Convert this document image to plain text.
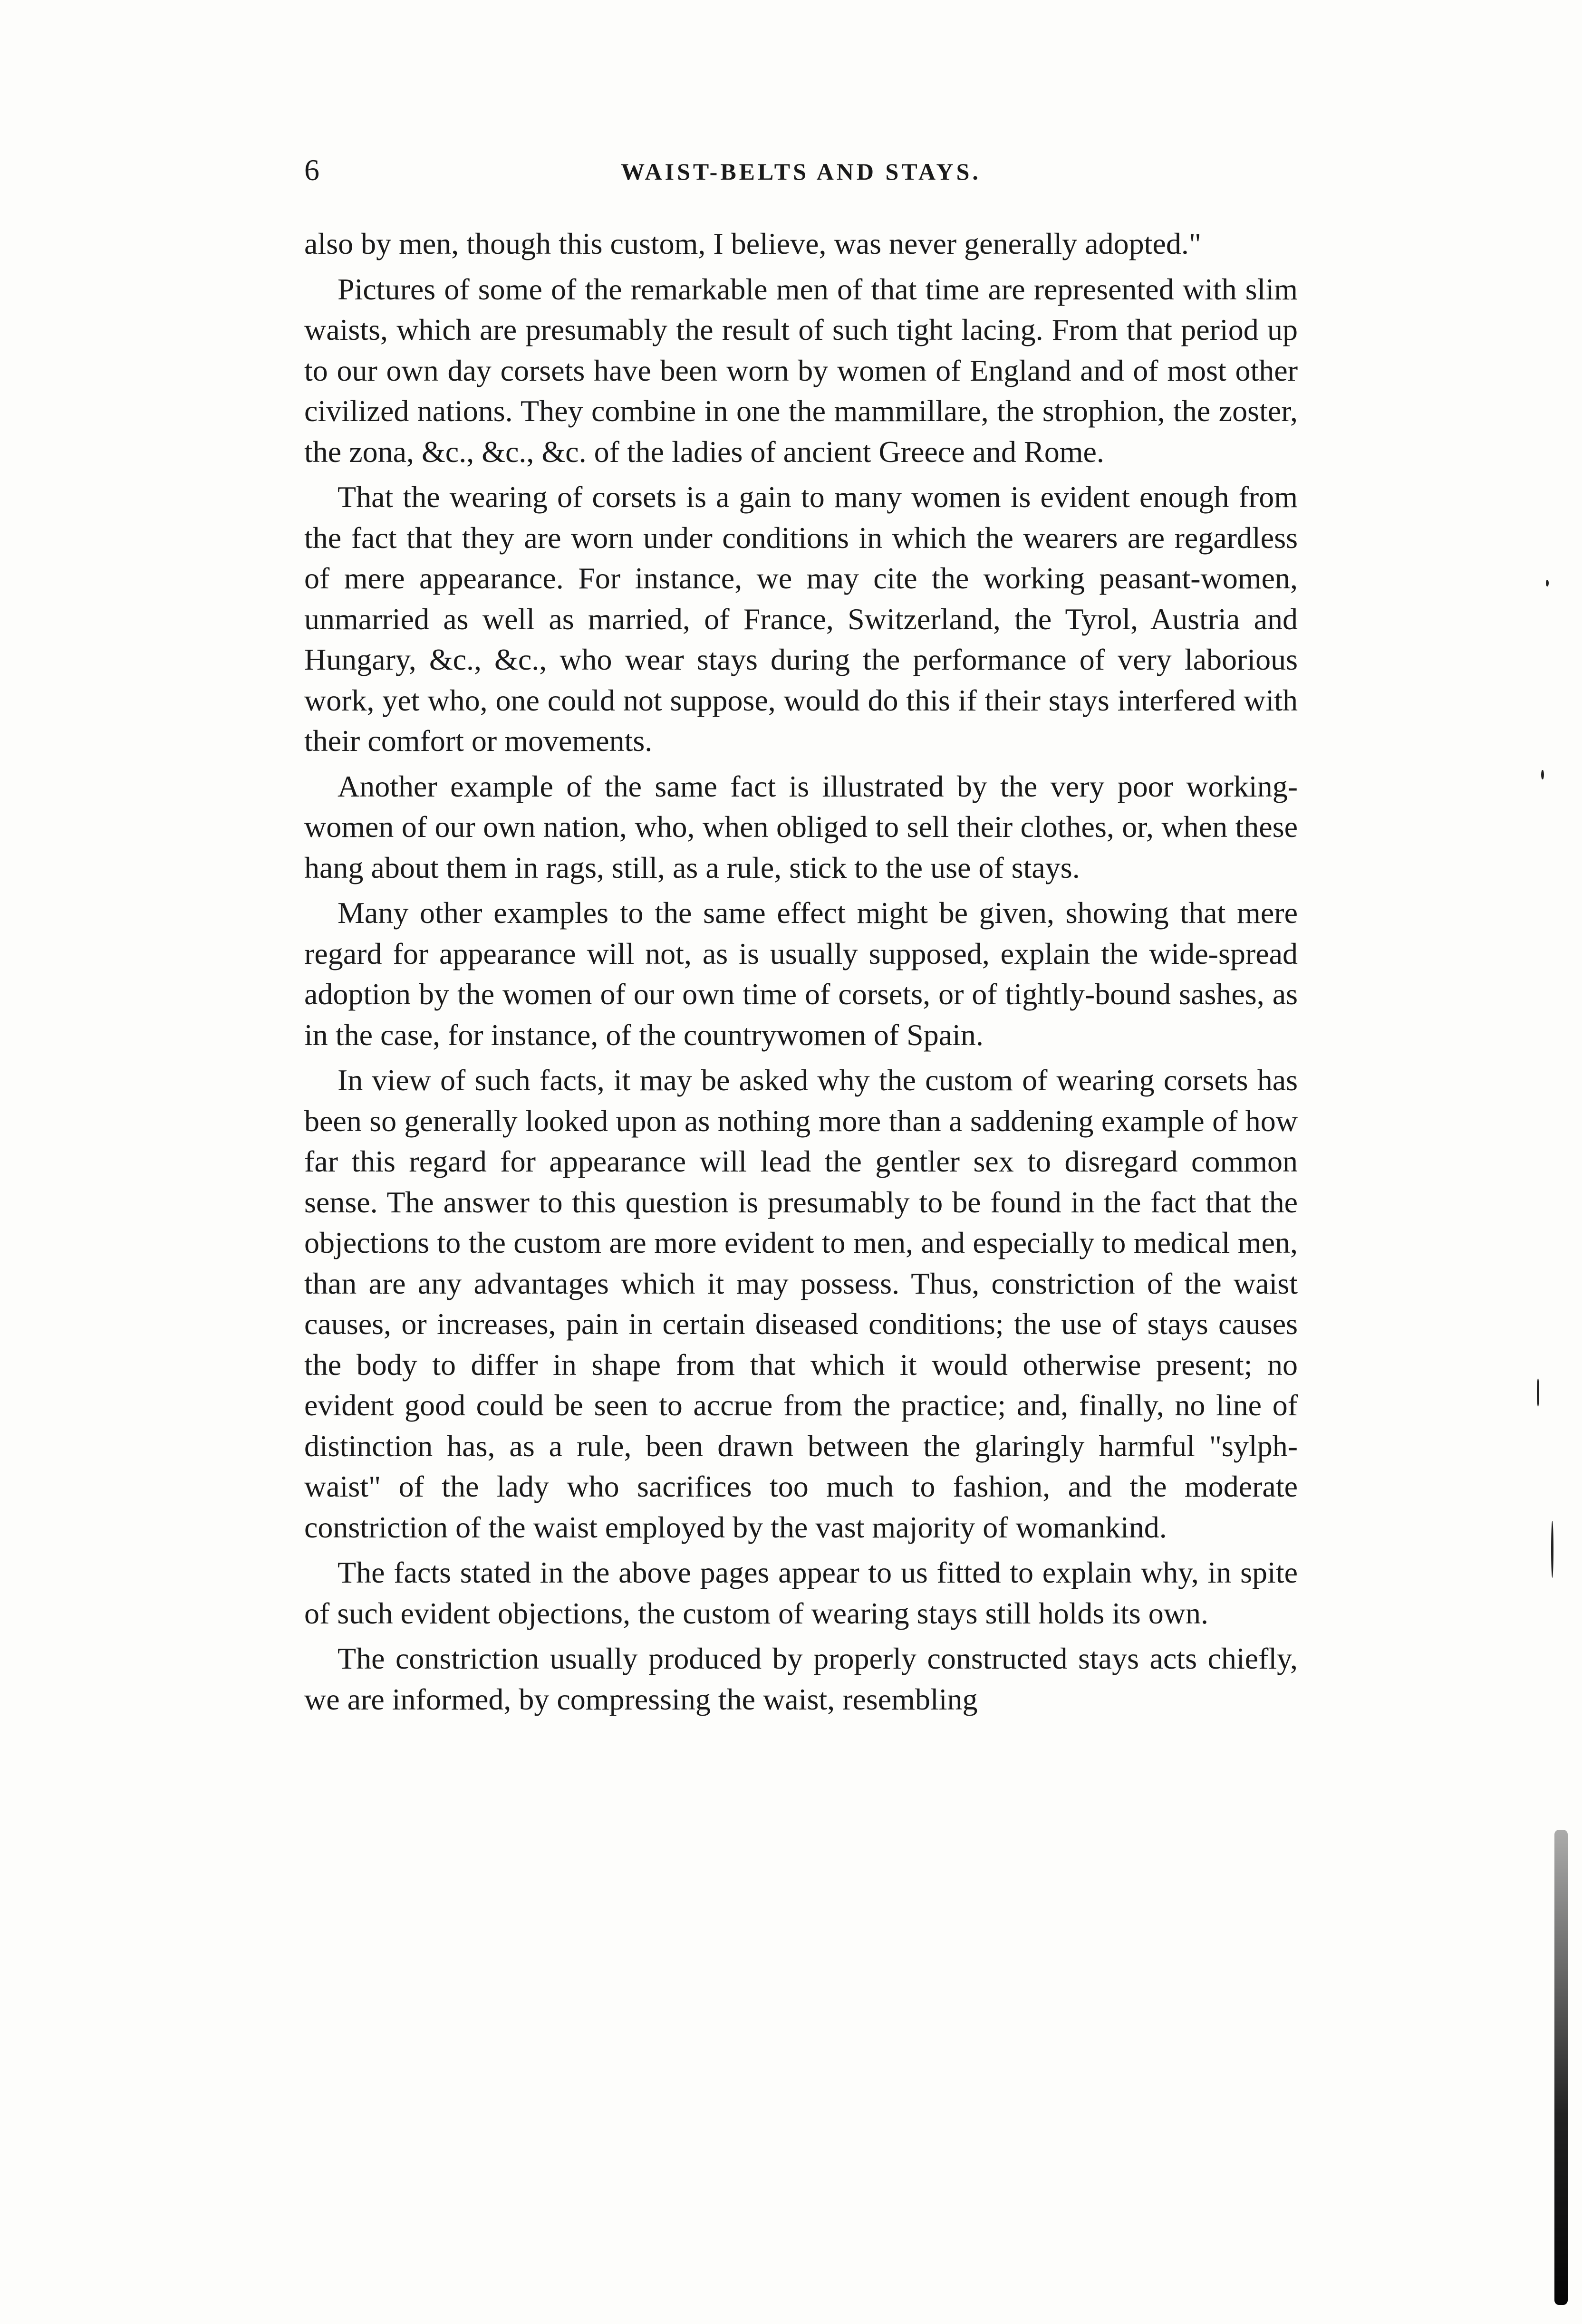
6	WAIST-BELTS AND STAYS.

also by men, though this custom, I believe, was never generally adopted."

Pictures of some of the remarkable men of that time are represented with slim waists, which are presumably the result of such tight lacing. From that period up to our own day corsets have been worn by women of England and of most other civilized nations. They combine in one the mammillare, the strophion, the zoster, the zona, &c., &c., &c. of the ladies of ancient Greece and Rome.

That the wearing of corsets is a gain to many women is evident enough from the fact that they are worn under conditions in which the wearers are regardless of mere appearance. For instance, we may cite the working peasant-women, unmarried as well as married, of France, Switzerland, the Tyrol, Austria and Hungary, &c., &c., who wear stays during the performance of very laborious work, yet who, one could not suppose, would do this if their stays interfered with their comfort or movements.

Another example of the same fact is illustrated by the very poor working-women of our own nation, who, when obliged to sell their clothes, or, when these hang about them in rags, still, as a rule, stick to the use of stays.

Many other examples to the same effect might be given, showing that mere regard for appearance will not, as is usually supposed, explain the wide-spread adoption by the women of our own time of corsets, or of tightly-bound sashes, as in the case, for instance, of the countrywomen of Spain.

In view of such facts, it may be asked why the custom of wearing corsets has been so generally looked upon as nothing more than a saddening example of how far this regard for appearance will lead the gentler sex to disregard common sense. The answer to this question is presumably to be found in the fact that the objections to the custom are more evident to men, and especially to medical men, than are any advantages which it may possess. Thus, constriction of the waist causes, or increases, pain in certain diseased conditions; the use of stays causes the body to differ in shape from that which it would otherwise present; no evident good could be seen to accrue from the practice; and, finally, no line of distinction has, as a rule, been drawn between the glaringly harmful "sylph-waist" of the lady who sacrifices too much to fashion, and the moderate constriction of the waist employed by the vast majority of womankind.

The facts stated in the above pages appear to us fitted to explain why, in spite of such evident objections, the custom of wearing stays still holds its own.

The constriction usually produced by properly constructed stays acts chiefly, we are informed, by compressing the waist, resembling
